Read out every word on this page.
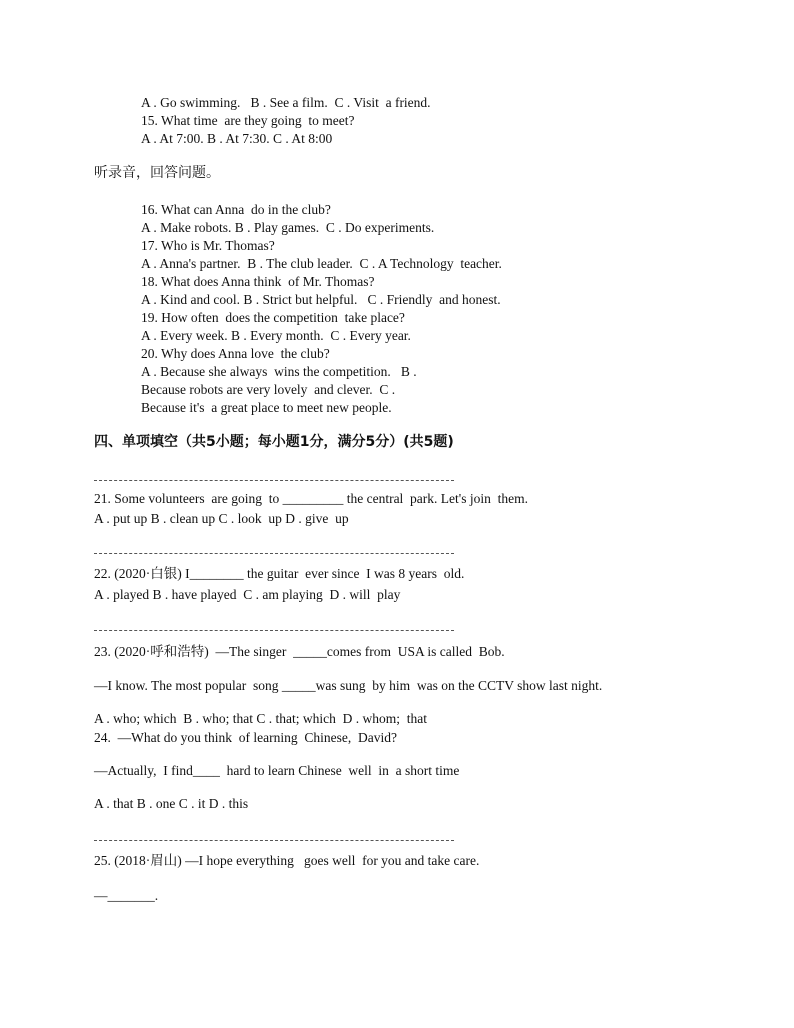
A . Go swimming.   B . See a film.  C . Visit  a friend.
15. What time  are they going  to meet?
A . At 7:00. B . At 7:30. C . At 8:00
听录音，回答问题。
16. What can Anna  do in the club?
A . Make robots. B . Play games.  C . Do experiments.
17. Who is Mr. Thomas?
A . Anna's partner.  B . The club leader.  C . A Technology  teacher.
18. What does Anna think  of Mr. Thomas?
A . Kind and cool. B . Strict but helpful.   C . Friendly  and honest.
19. How often  does the competition  take place?
A . Every week. B . Every month.  C . Every year.
20. Why does Anna love  the club?
A . Because she always  wins the competition.   B .
Because robots are very lovely  and clever.  C .
Because it's  a great place to meet new people.
四、单项填空（共5小题；每小题1分，满分5分）(共5题)
21. Some volunteers  are going  to _________ the central  park. Let's join  them.
A . put up B . clean up C . look  up D . give  up
22. (2020·白银) I________ the guitar  ever since  I was 8 years  old.
A . played B . have played  C . am playing  D . will  play
23. (2020·呼和浩特)  —The singer  _____comes from  USA is called  Bob.
—I know. The most popular  song _____was sung  by him  was on the CCTV show last night.
A . who; which  B . who; that C . that; which  D . whom;  that
24.  —What do you think  of learning  Chinese,  David?
—Actually,  I find____  hard to learn Chinese  well  in  a short time
A . that B . one C . it D . this
25. (2018·眉山) —I hope everything   goes well  for you and take care.
—_______.
